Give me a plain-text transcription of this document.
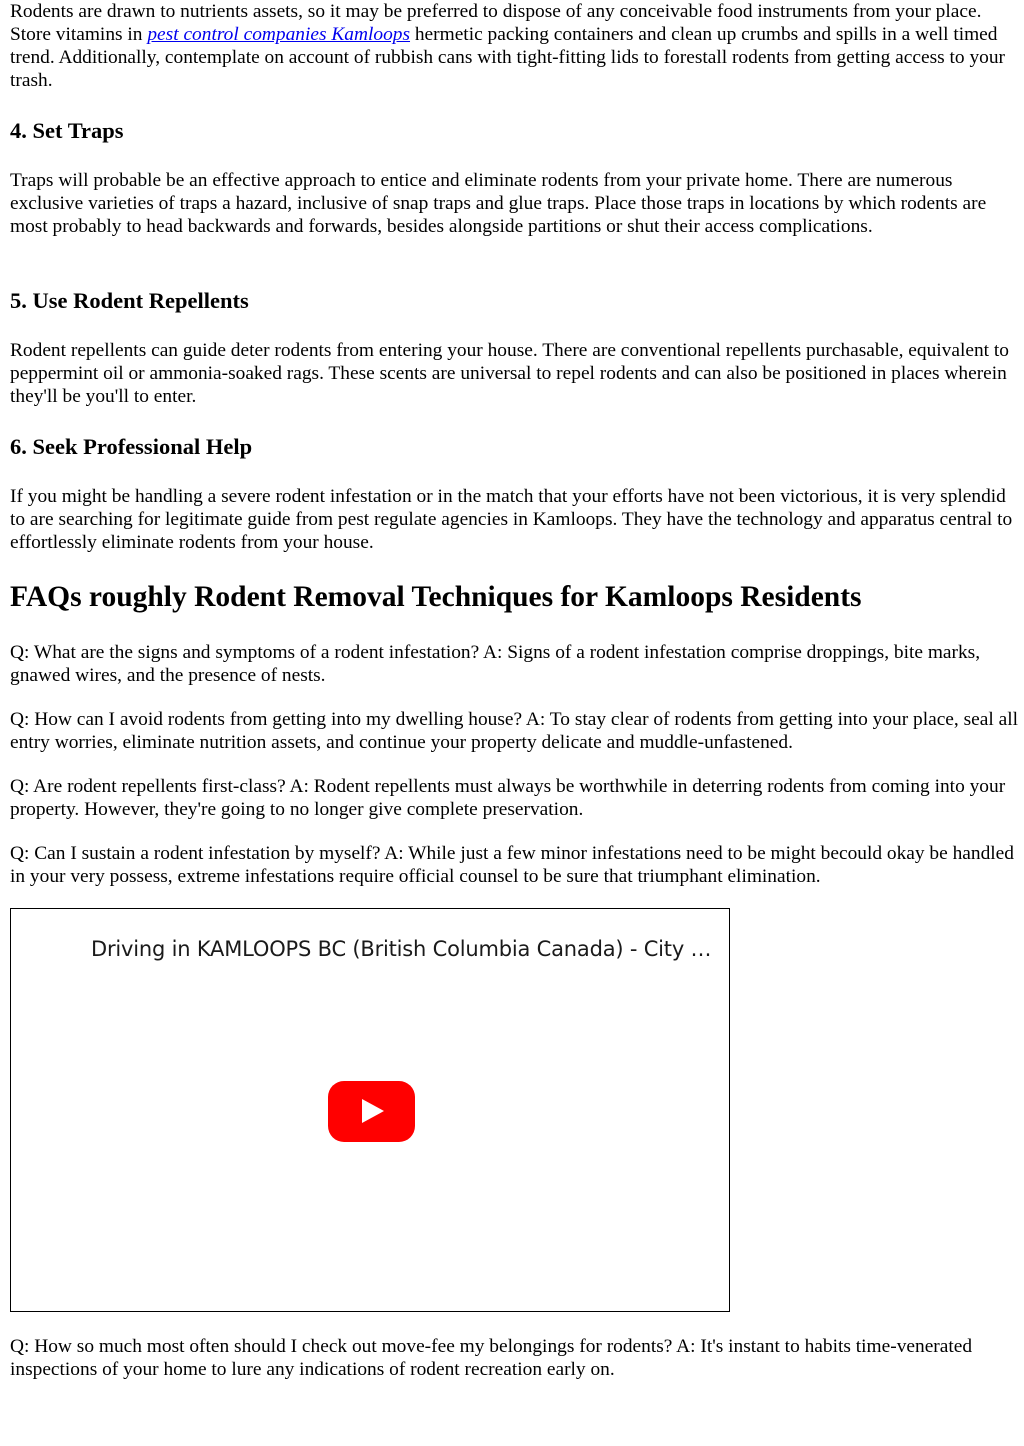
Rodents are drawn to nutrients assets, so it may be preferred to dispose of any conceivable food instruments from your place. Store vitamins in pest control companies Kamloops hermetic packing containers and clean up crumbs and spills in a well timed trend. Additionally, contemplate on account of rubbish cans with tight-fitting lids to forestall rodents from getting access to your trash.

4. Set Traps

Traps will probable be an effective approach to entice and eliminate rodents from your private home. There are numerous exclusive varieties of traps a hazard, inclusive of snap traps and glue traps. Place those traps in locations by which rodents are most probably to head backwards and forwards, besides alongside partitions or shut their access complications.

5. Use Rodent Repellents

Rodent repellents can guide deter rodents from entering your house. There are conventional repellents purchasable, equivalent to peppermint oil or ammonia-soaked rags. These scents are universal to repel rodents and can also be positioned in places wherein they'll be you'll to enter.

6. Seek Professional Help

If you might be handling a severe rodent infestation or in the match that your efforts have not been victorious, it is very splendid to are searching for legitimate guide from pest regulate agencies in Kamloops. They have the technology and apparatus central to effortlessly eliminate rodents from your house.

FAQs roughly Rodent Removal Techniques for Kamloops Residents

Q: What are the signs and symptoms of a rodent infestation? A: Signs of a rodent infestation comprise droppings, bite marks, gnawed wires, and the presence of nests.

Q: How can I avoid rodents from getting into my dwelling house? A: To stay clear of rodents from getting into your place, seal all entry worries, eliminate nutrition assets, and continue your property delicate and muddle-unfastened.

Q: Are rodent repellents first-class? A: Rodent repellents must always be worthwhile in deterring rodents from coming into your property. However, they're going to no longer give complete preservation.

Q: Can I sustain a rodent infestation by myself? A: While just a few minor infestations need to be might becould okay be handled in your very possess, extreme infestations require official counsel to be sure that triumphant elimination.

Driving in KAMLOOPS BC (British Columbia Canada) - City …

Q: How so much most often should I check out move-fee my belongings for rodents? A: It's instant to habits time-venerated inspections of your home to lure any indications of rodent recreation early on.
